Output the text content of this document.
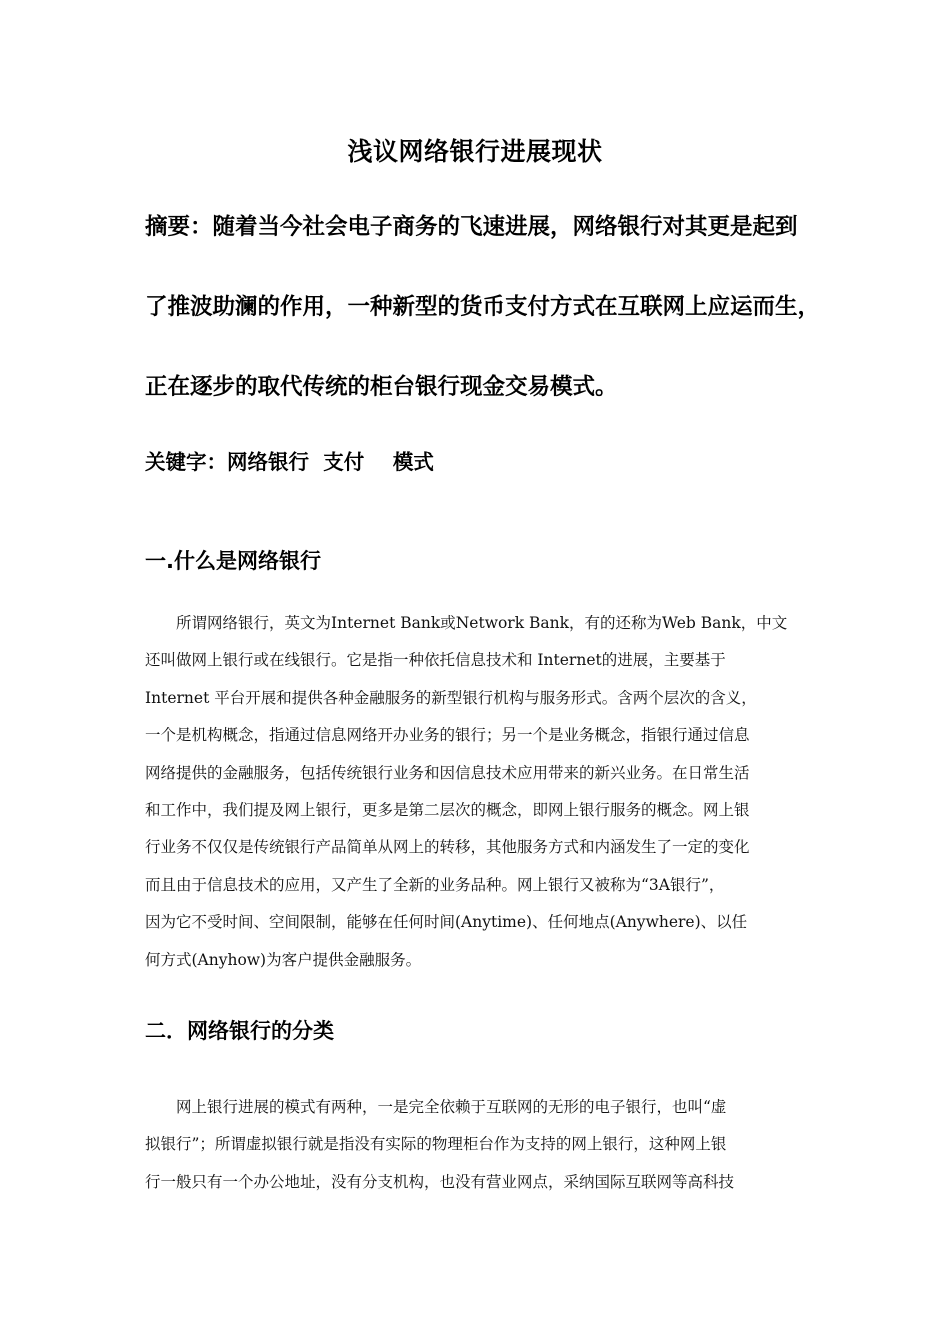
浅议网络银行进展现状
摘要：随着当今社会电子商务的飞速进展，网络银行对其更是起到
了推波助澜的作用，一种新型的货币支付方式在互联网上应运而生，
正在逐步的取代传统的柜台银行现金交易模式。
关键字：网络银行  支付    模式
一.什么是网络银行
　　所谓网络银行，英文为Internet Bank或Network Bank，有的还称为Web Bank，中文
还叫做网上银行或在线银行。它是指一种依托信息技术和 Internet的进展，主要基于
Internet 平台开展和提供各种金融服务的新型银行机构与服务形式。含两个层次的含义，
一个是机构概念，指通过信息网络开办业务的银行；另一个是业务概念，指银行通过信息
网络提供的金融服务，包括传统银行业务和因信息技术应用带来的新兴业务。在日常生活
和工作中，我们提及网上银行，更多是第二层次的概念，即网上银行服务的概念。网上银
行业务不仅仅是传统银行产品简单从网上的转移，其他服务方式和内涵发生了一定的变化
而且由于信息技术的应用，又产生了全新的业务品种。网上银行又被称为“3A银行”，
因为它不受时间、空间限制，能够在任何时间(Anytime)、任何地点(Anywhere)、以任
何方式(Anyhow)为客户提供金融服务。
二．网络银行的分类
　　网上银行进展的模式有两种，一是完全依赖于互联网的无形的电子银行，也叫“虚
拟银行”；所谓虚拟银行就是指没有实际的物理柜台作为支持的网上银行，这种网上银
行一般只有一个办公地址，没有分支机构，也没有营业网点，采纳国际互联网等高科技
